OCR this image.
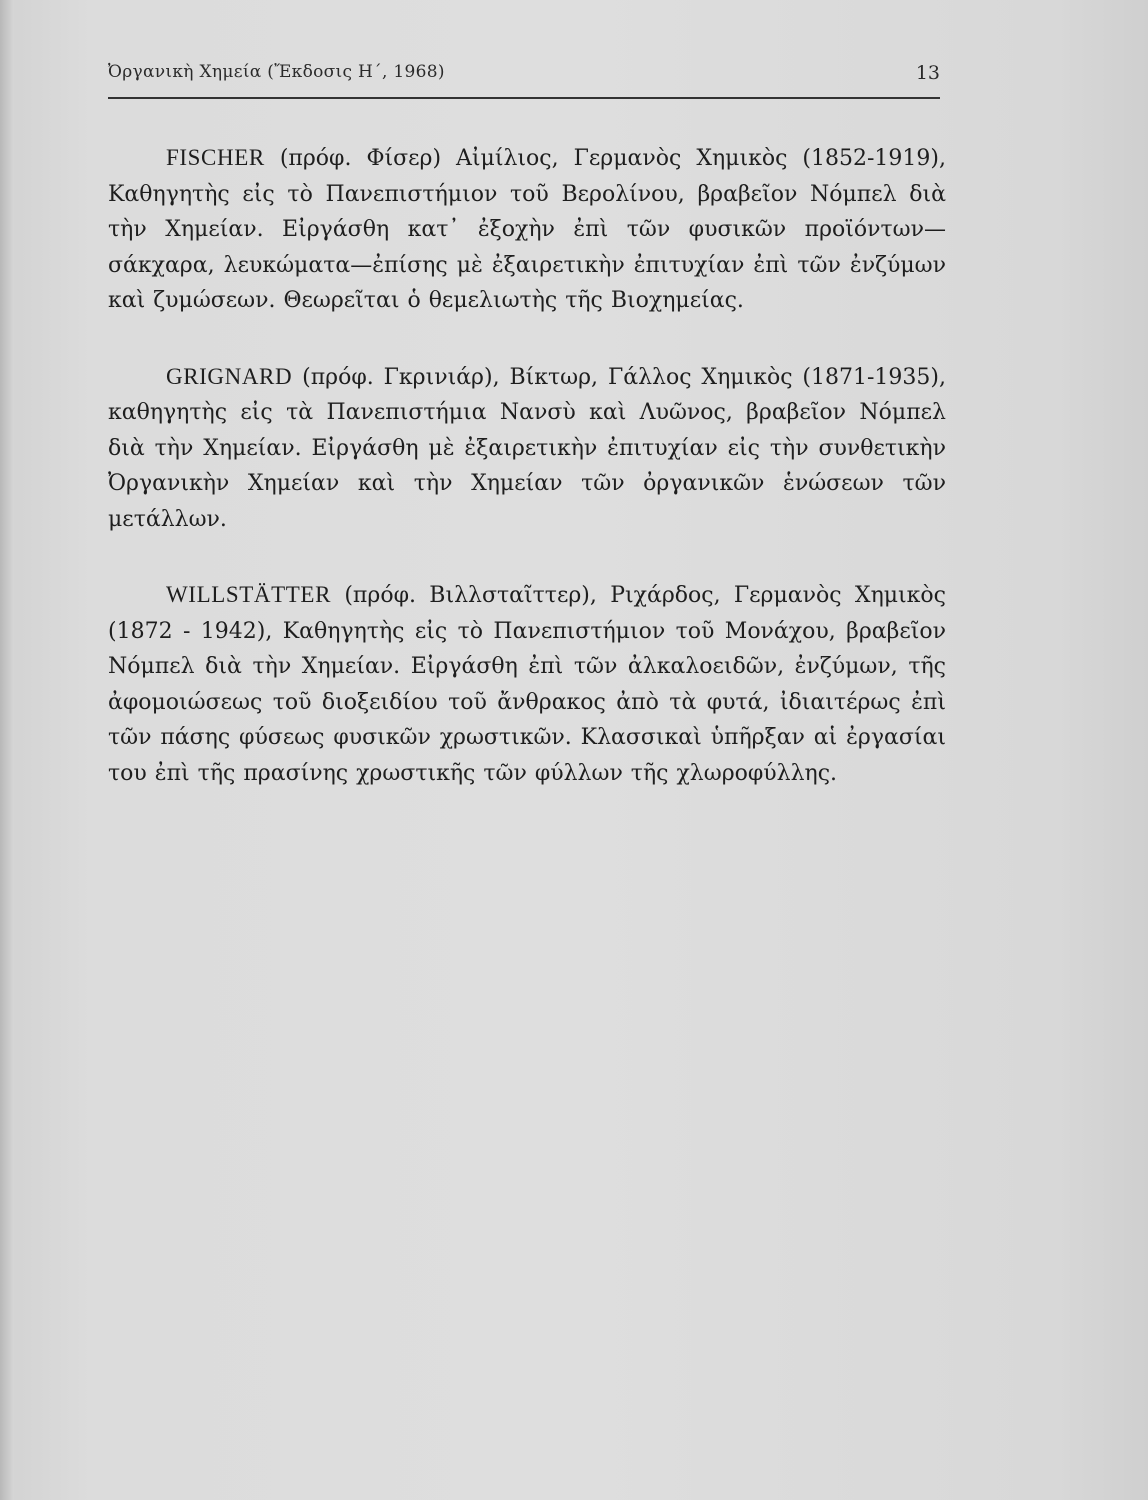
Ὀργανικὴ Χημεία (Ἔκδοσις Η΄, 1968)	13

FISCHER (πρόφ. Φίσερ) Αἰμίλιος, Γερμανὸς Χημικὸς (1852-1919), Καθηγητὴς εἰς τὸ Πανεπιστήμιον τοῦ Βερολίνου, βραβεῖον Νόμπελ διὰ τὴν Χημείαν. Εἰργάσθη κατ᾽ ἐξοχὴν ἐπὶ τῶν φυσικῶν προϊόντων—σάκχαρα, λευκώματα—ἐπίσης μὲ ἐξαιρετικὴν ἐπιτυχίαν ἐπὶ τῶν ἐνζύμων καὶ ζυμώσεων. Θεωρεῖται ὁ θεμελιωτὴς τῆς Βιοχημείας.

GRIGNARD (πρόφ. Γκρινιάρ), Βίκτωρ, Γάλλος Χημικὸς (1871-1935), καθηγητὴς εἰς τὰ Πανεπιστήμια Νανσὺ καὶ Λυῶνος, βραβεῖον Νόμπελ διὰ τὴν Χημείαν. Εἰργάσθη μὲ ἐξαιρετικὴν ἐπιτυχίαν εἰς τὴν συνθετικὴν Ὀργανικὴν Χημείαν καὶ τὴν Χημείαν τῶν ὀργανικῶν ἑνώσεων τῶν μετάλλων.

WILLSTÄTTER (πρόφ. Βιλλσταῖττερ), Ριχάρδος, Γερμανὸς Χημικὸς (1872 - 1942), Καθηγητὴς εἰς τὸ Πανεπιστήμιον τοῦ Μονάχου, βραβεῖον Νόμπελ διὰ τὴν Χημείαν. Εἰργάσθη ἐπὶ τῶν ἀλκαλοειδῶν, ἐνζύμων, τῆς ἀφομοιώσεως τοῦ διοξειδίου τοῦ ἄνθρακος ἀπὸ τὰ φυτά, ἰδιαιτέρως ἐπὶ τῶν πάσης φύσεως φυσικῶν χρωστικῶν. Κλασσικαὶ ὑπῆρξαν αἱ ἐργασίαι του ἐπὶ τῆς πρασίνης χρωστικῆς τῶν φύλλων τῆς χλωροφύλλης.
